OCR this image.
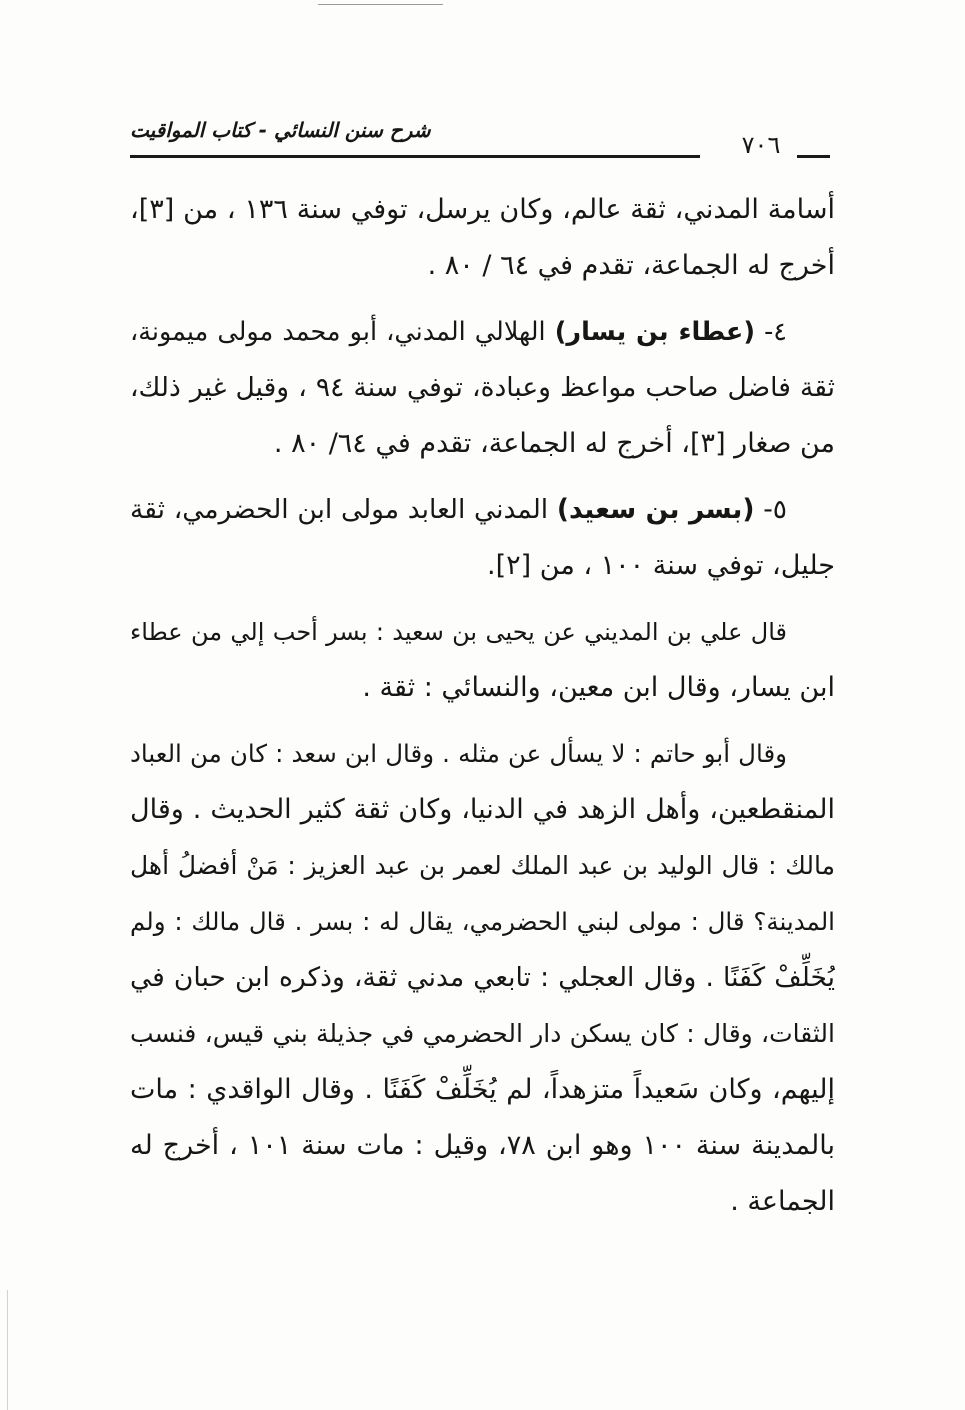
شرح سنن النسائي - كتاب المواقيت
٧٠٦
أسامة المدني، ثقة عالم، وكان يرسل، توفي سنة ١٣٦ ، من [٣]،
أخرج له الجماعة، تقدم في ٦٤ / ٨٠ .
٤- (عطاء بن يسار) الهلالي المدني، أبو محمد مولى ميمونة،
ثقة فاضل صاحب مواعظ وعبادة، توفي سنة ٩٤ ، وقيل غير ذلك،
من صغار [٣]، أخرج له الجماعة، تقدم في ٦٤/ ٨٠ .
٥- (بسر بن سعيد) المدني العابد مولى ابن الحضرمي، ثقة
جليل، توفي سنة ١٠٠ ، من [٢].
قال علي بن المديني عن يحيى بن سعيد : بسر أحب إلي من عطاء
ابن يسار، وقال ابن معين، والنسائي : ثقة .
وقال أبو حاتم : لا يسأل عن مثله . وقال ابن سعد : كان من العباد
المنقطعين، وأهل الزهد في الدنيا، وكان ثقة كثير الحديث . وقال
مالك : قال الوليد بن عبد الملك لعمر بن عبد العزيز : مَنْ أفضلُ أهل
المدينة؟ قال : مولى لبني الحضرمي، يقال له : بسر . قال مالك : ولم
يُخَلِّفْ كَفَنًا . وقال العجلي : تابعي مدني ثقة، وذكره ابن حبان في
الثقات، وقال : كان يسكن دار الحضرمي في جذيلة بني قيس، فنسب
إليهم، وكان سَعيداً متزهداً، لم يُخَلِّفْ كَفَنًا . وقال الواقدي : مات
بالمدينة سنة ١٠٠ وهو ابن ٧٨، وقيل : مات سنة ١٠١ ، أخرج له
الجماعة .
